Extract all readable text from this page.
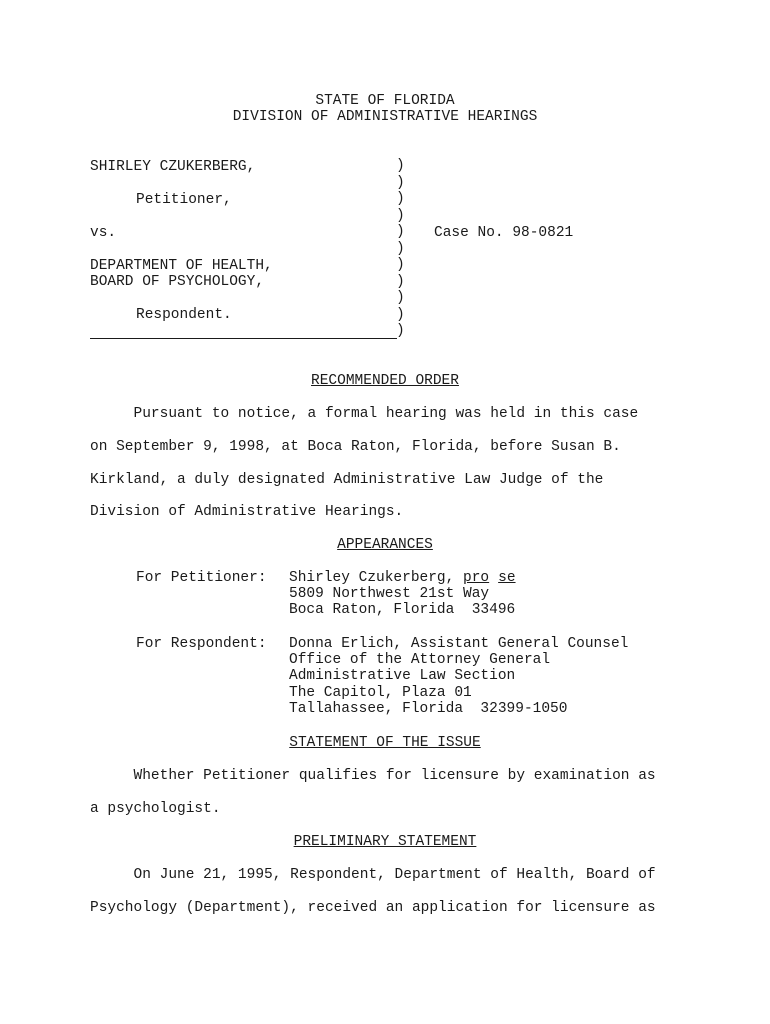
STATE OF FLORIDA
DIVISION OF ADMINISTRATIVE HEARINGS
SHIRLEY CZUKERBERG,
Petitioner,
vs.	Case No. 98-0821
DEPARTMENT OF HEALTH,
BOARD OF PSYCHOLOGY,
Respondent.
)
)
)
)
)
)
)
)
)
)
)
RECOMMENDED ORDER
Pursuant to notice, a formal hearing was held in this case
on September 9, 1998, at Boca Raton, Florida, before Susan B.
Kirkland, a duly designated Administrative Law Judge of the
Division of Administrative Hearings.
APPEARANCES
For Petitioner: Shirley Czukerberg, pro se
5809 Northwest 21st Way
Boca Raton, Florida  33496
For Respondent: Donna Erlich, Assistant General Counsel
Office of the Attorney General
Administrative Law Section
The Capitol, Plaza 01
Tallahassee, Florida  32399-1050
STATEMENT OF THE ISSUE
Whether Petitioner qualifies for licensure by examination as
a psychologist.
PRELIMINARY STATEMENT
On June 21, 1995, Respondent, Department of Health, Board of
Psychology (Department), received an application for licensure as
